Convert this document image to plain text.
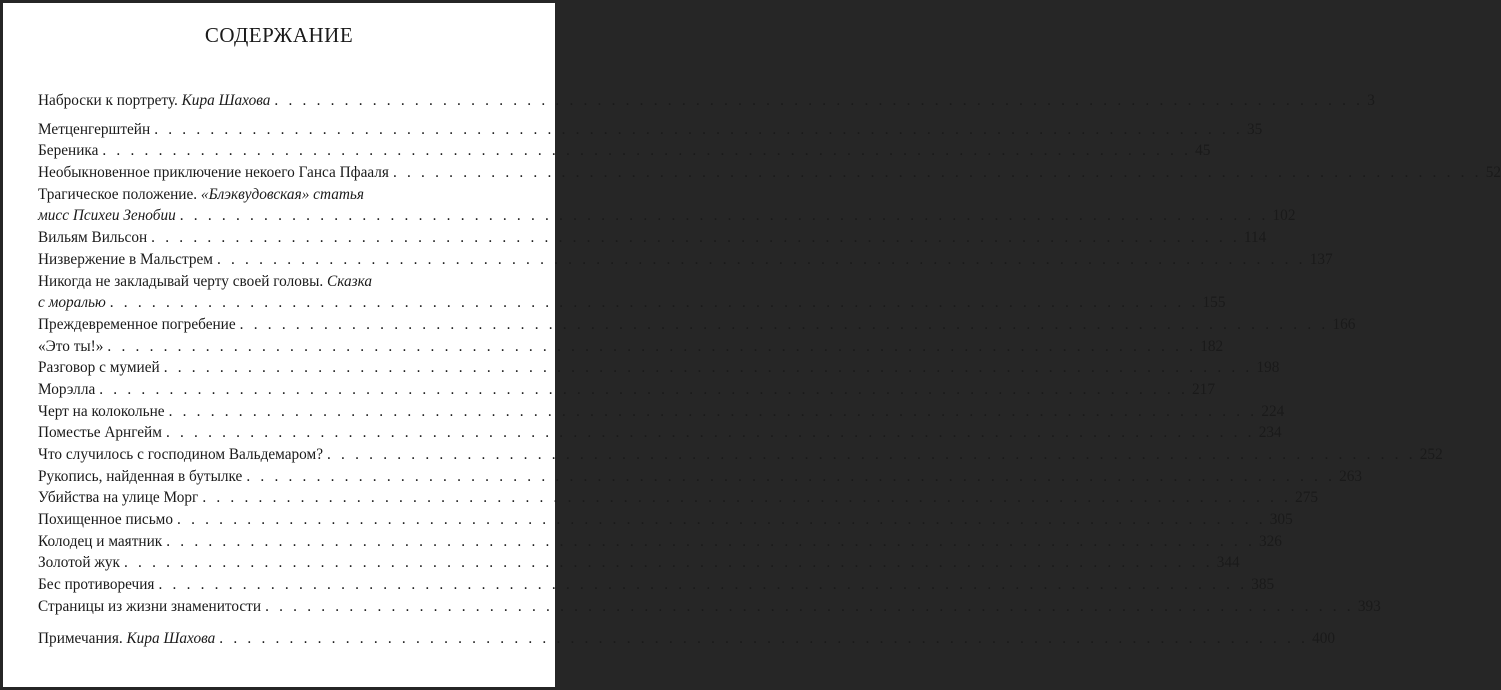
СОДЕРЖАНИЕ
Наброски к портрету. Кира Шахова . . . . . . . . . . . . . . . . . . . . . . . . . . . . . . . . . . . . . . . . . . . . . . . . . . . . . . . . . . . . . . . . . . . . . . . . . . . . . . 3
Метценгерштейн . . . . . . . . . . . . . . . . . . . . . . . . . . . . . . . . . . . . . . . . . . . . . . . . . . . . . . . . . . . . . . . . . . . . . . . . . . . . . . 35
Береника . . . . . . . . . . . . . . . . . . . . . . . . . . . . . . . . . . . . . . . . . . . . . . . . . . . . . . . . . . . . . . . . . . . . . . . . . . . . . . 45
Необыкновенное приключение некоего Ганса Пфааля . . . . . . . . . . . . . . . . . . . . . . . . . . . . . . . . . . . . . . . . . . . . . . . . . . . . . . . . . . . . . . . . . . . . . . . . . . . . . . 52
Трагическое положение. «Блэквудовская» статья
мисс Психеи Зенобии . . . . . . . . . . . . . . . . . . . . . . . . . . . . . . . . . . . . . . . . . . . . . . . . . . . . . . . . . . . . . . . . . . . . . . . . . . . . . . 102
Вильям Вильсон . . . . . . . . . . . . . . . . . . . . . . . . . . . . . . . . . . . . . . . . . . . . . . . . . . . . . . . . . . . . . . . . . . . . . . . . . . . . . . 114
Низвержение в Мальстрем . . . . . . . . . . . . . . . . . . . . . . . . . . . . . . . . . . . . . . . . . . . . . . . . . . . . . . . . . . . . . . . . . . . . . . . . . . . . . . 137
Никогда не закладывай черту своей головы. Сказка
с моралью . . . . . . . . . . . . . . . . . . . . . . . . . . . . . . . . . . . . . . . . . . . . . . . . . . . . . . . . . . . . . . . . . . . . . . . . . . . . . . 155
Преждевременное погребение . . . . . . . . . . . . . . . . . . . . . . . . . . . . . . . . . . . . . . . . . . . . . . . . . . . . . . . . . . . . . . . . . . . . . . . . . . . . . . 166
«Это ты!» . . . . . . . . . . . . . . . . . . . . . . . . . . . . . . . . . . . . . . . . . . . . . . . . . . . . . . . . . . . . . . . . . . . . . . . . . . . . . . 182
Разговор с мумией . . . . . . . . . . . . . . . . . . . . . . . . . . . . . . . . . . . . . . . . . . . . . . . . . . . . . . . . . . . . . . . . . . . . . . . . . . . . . . 198
Морэлла . . . . . . . . . . . . . . . . . . . . . . . . . . . . . . . . . . . . . . . . . . . . . . . . . . . . . . . . . . . . . . . . . . . . . . . . . . . . . . 217
Черт на колокольне . . . . . . . . . . . . . . . . . . . . . . . . . . . . . . . . . . . . . . . . . . . . . . . . . . . . . . . . . . . . . . . . . . . . . . . . . . . . . . 224
Поместье Арнгейм . . . . . . . . . . . . . . . . . . . . . . . . . . . . . . . . . . . . . . . . . . . . . . . . . . . . . . . . . . . . . . . . . . . . . . . . . . . . . . 234
Что случилось с господином Вальдемаром? . . . . . . . . . . . . . . . . . . . . . . . . . . . . . . . . . . . . . . . . . . . . . . . . . . . . . . . . . . . . . . . . . . . . . . . . . . . . . . 252
Рукопись, найденная в бутылке . . . . . . . . . . . . . . . . . . . . . . . . . . . . . . . . . . . . . . . . . . . . . . . . . . . . . . . . . . . . . . . . . . . . . . . . . . . . . . 263
Убийства на улице Морг . . . . . . . . . . . . . . . . . . . . . . . . . . . . . . . . . . . . . . . . . . . . . . . . . . . . . . . . . . . . . . . . . . . . . . . . . . . . . . 275
Похищенное письмо . . . . . . . . . . . . . . . . . . . . . . . . . . . . . . . . . . . . . . . . . . . . . . . . . . . . . . . . . . . . . . . . . . . . . . . . . . . . . . 305
Колодец и маятник . . . . . . . . . . . . . . . . . . . . . . . . . . . . . . . . . . . . . . . . . . . . . . . . . . . . . . . . . . . . . . . . . . . . . . . . . . . . . . 326
Золотой жук . . . . . . . . . . . . . . . . . . . . . . . . . . . . . . . . . . . . . . . . . . . . . . . . . . . . . . . . . . . . . . . . . . . . . . . . . . . . . . 344
Бес противоречия . . . . . . . . . . . . . . . . . . . . . . . . . . . . . . . . . . . . . . . . . . . . . . . . . . . . . . . . . . . . . . . . . . . . . . . . . . . . . . 385
Страницы из жизни знаменитости . . . . . . . . . . . . . . . . . . . . . . . . . . . . . . . . . . . . . . . . . . . . . . . . . . . . . . . . . . . . . . . . . . . . . . . . . . . . . . 393
Примечания. Кира Шахова . . . . . . . . . . . . . . . . . . . . . . . . . . . . . . . . . . . . . . . . . . . . . . . . . . . . . . . . . . . . . . . . . . . . . . . . . . . . . . 400
